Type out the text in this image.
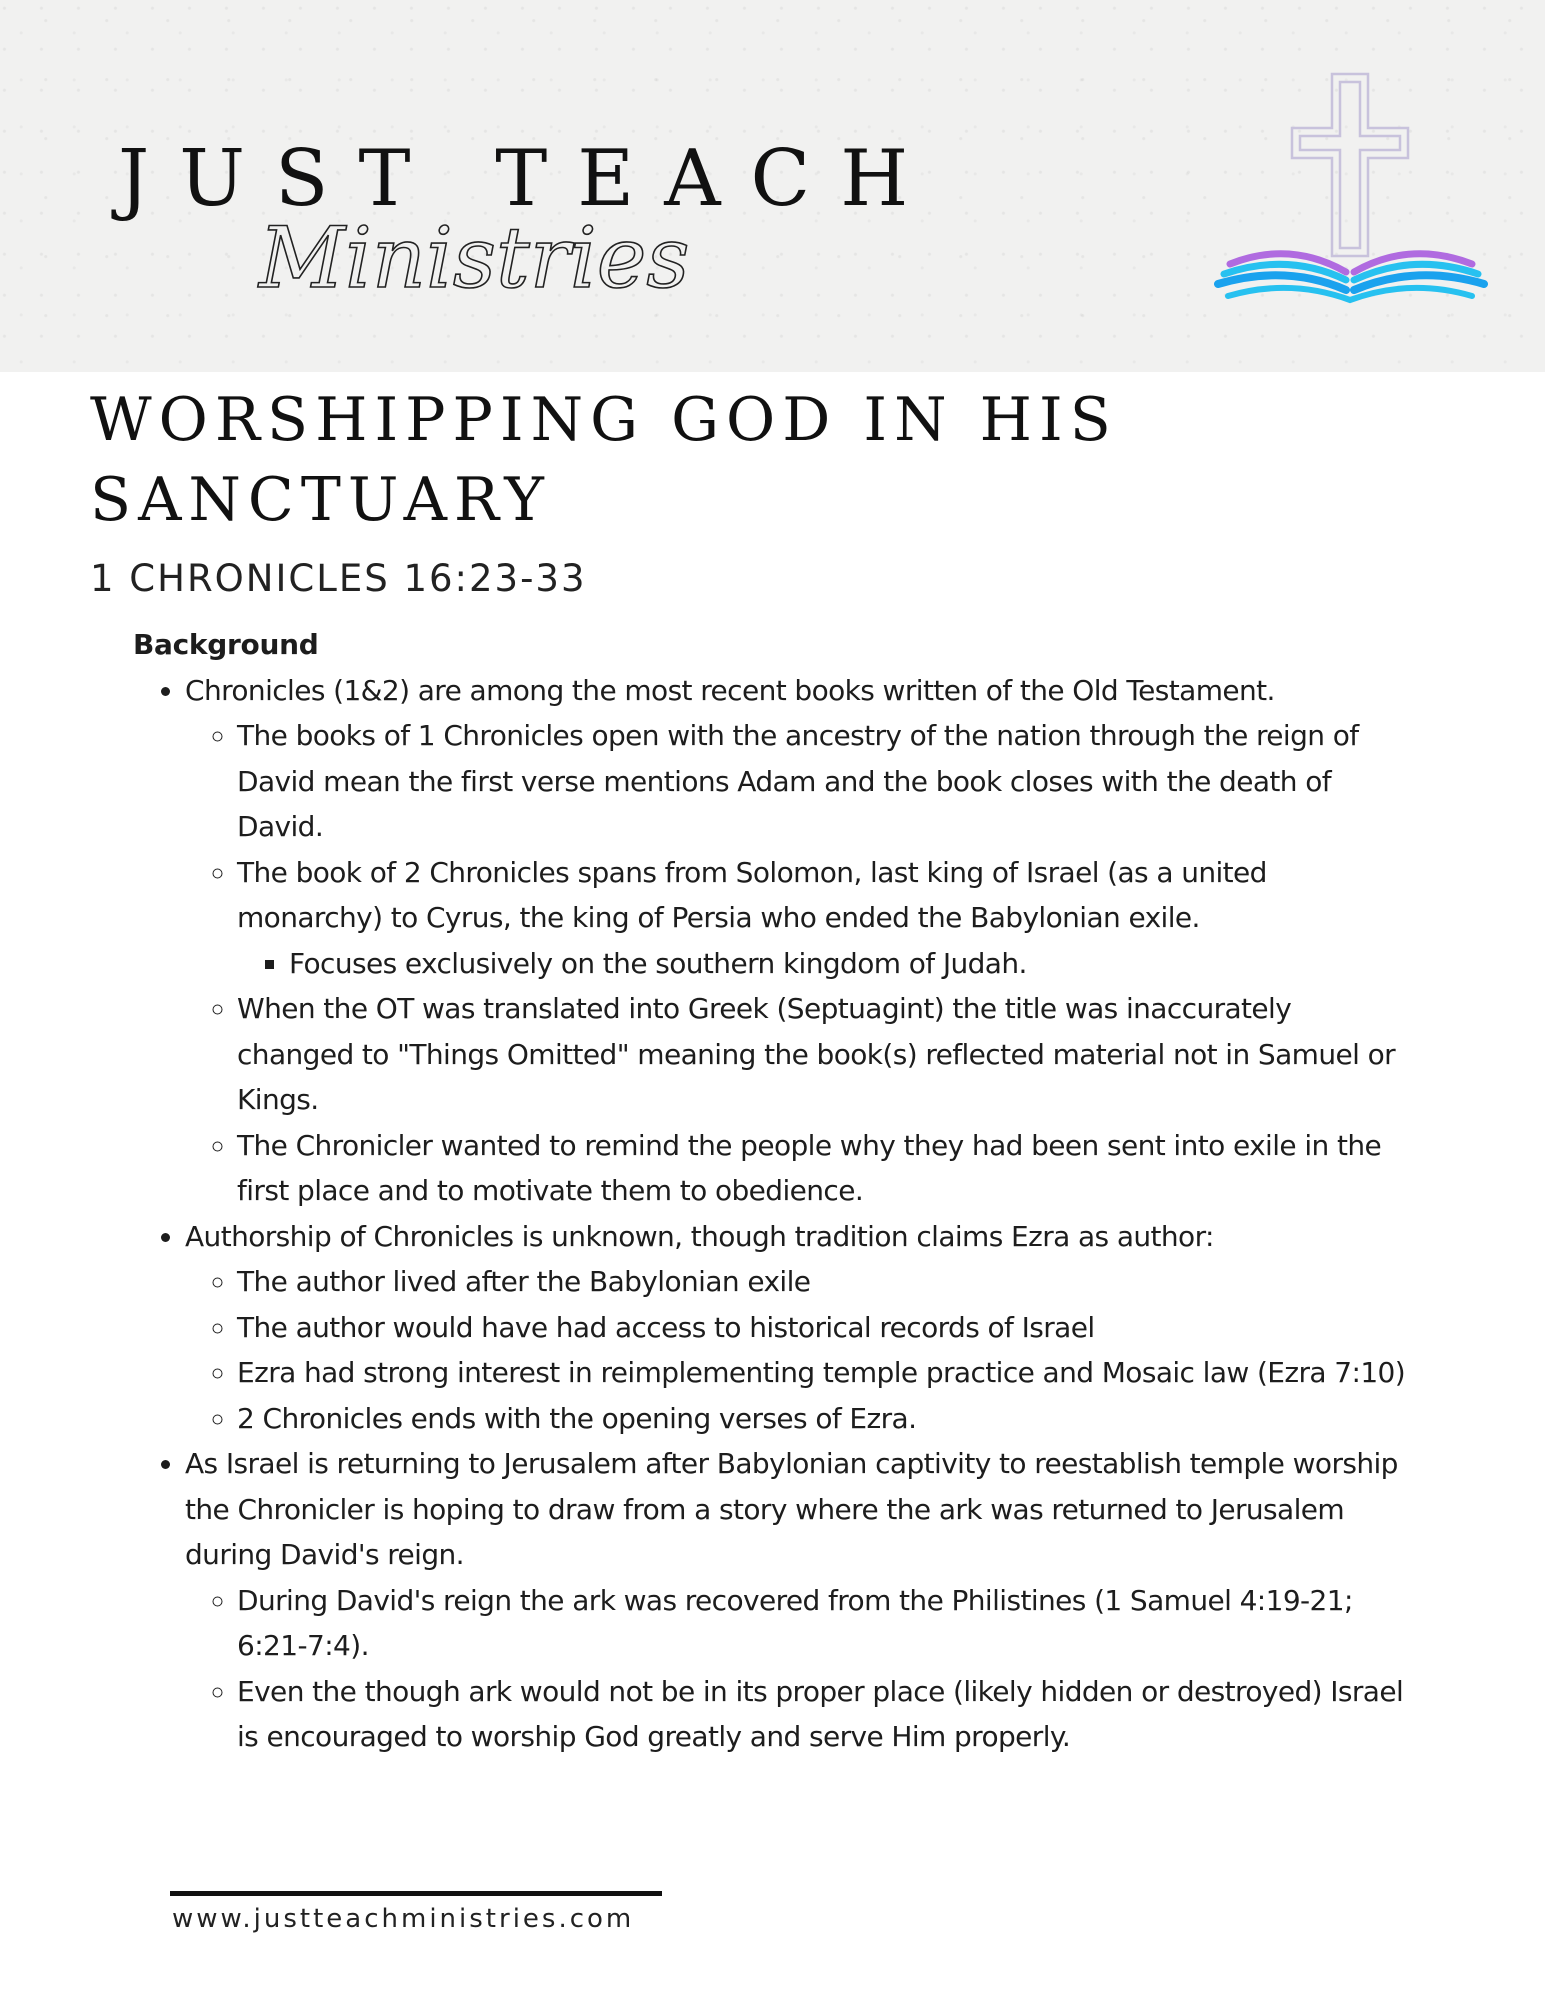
JUST TEACH
Ministries
WORSHIPPING GOD IN HIS SANCTUARY
1 CHRONICLES 16:23-33

Background

• Chronicles (1&2) are among the most recent books written of the Old Testament.
◦ The books of 1 Chronicles open with the ancestry of the nation through the reign of David mean the first verse mentions Adam and the book closes with the death of David.
◦ The book of 2 Chronicles spans from Solomon, last king of Israel (as a united monarchy) to Cyrus, the king of Persia who ended the Babylonian exile.
▪ Focuses exclusively on the southern kingdom of Judah.
◦ When the OT was translated into Greek (Septuagint) the title was inaccurately changed to "Things Omitted" meaning the book(s) reflected material not in Samuel or Kings.
◦ The Chronicler wanted to remind the people why they had been sent into exile in the first place and to motivate them to obedience.
• Authorship of Chronicles is unknown, though tradition claims Ezra as author:
◦ The author lived after the Babylonian exile
◦ The author would have had access to historical records of Israel
◦ Ezra had strong interest in reimplementing temple practice and Mosaic law (Ezra 7:10)
◦ 2 Chronicles ends with the opening verses of Ezra.
• As Israel is returning to Jerusalem after Babylonian captivity to reestablish temple worship the Chronicler is hoping to draw from a story where the ark was returned to Jerusalem during David's reign.
◦ During David's reign the ark was recovered from the Philistines (1 Samuel 4:19-21; 6:21-7:4).
◦ Even the though ark would not be in its proper place (likely hidden or destroyed) Israel is encouraged to worship God greatly and serve Him properly.

www.justteachministries.com
